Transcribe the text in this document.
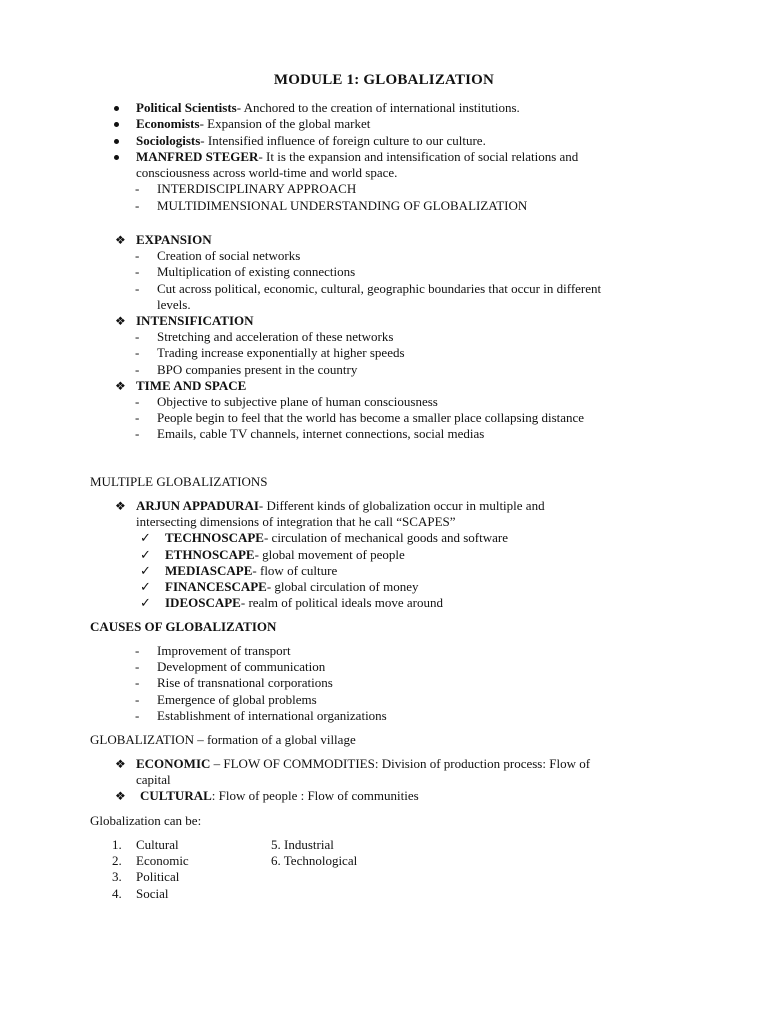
MODULE 1: GLOBALIZATION
Political Scientists- Anchored to the creation of international institutions.
Economists- Expansion of the global market
Sociologists- Intensified influence of foreign culture to our culture.
MANFRED STEGER- It is the expansion and intensification of social relations and
consciousness across world-time and world space.
- INTERDISCIPLINARY APPROACH
- MULTIDIMENSIONAL UNDERSTANDING OF GLOBALIZATION
❖ EXPANSION
- Creation of social networks
- Multiplication of existing connections
- Cut across political, economic, cultural, geographic boundaries that occur in different
levels.
❖ INTENSIFICATION
- Stretching and acceleration of these networks
- Trading increase exponentially at higher speeds
- BPO companies present in the country
❖ TIME AND SPACE
- Objective to subjective plane of human consciousness
- People begin to feel that the world has become a smaller place collapsing distance
- Emails, cable TV channels, internet connections, social medias
MULTIPLE GLOBALIZATIONS
❖ ARJUN APPADURAI- Different kinds of globalization occur in multiple and
intersecting dimensions of integration that he call “SCAPES”
✓ TECHNOSCAPE- circulation of mechanical goods and software
✓ ETHNOSCAPE- global movement of people
✓ MEDIASCAPE- flow of culture
✓ FINANCESCAPE- global circulation of money
✓ IDEOSCAPE- realm of political ideals move around
CAUSES OF GLOBALIZATION
- Improvement of transport
- Development of communication
- Rise of transnational corporations
- Emergence of global problems
- Establishment of international organizations
GLOBALIZATION – formation of a global village
❖ ECONOMIC – FLOW OF COMMODITIES: Division of production process: Flow of
capital
❖ CULTURAL: Flow of people : Flow of communities
Globalization can be:
1. Cultural	5. Industrial
2. Economic	6. Technological
3. Political
4. Social
